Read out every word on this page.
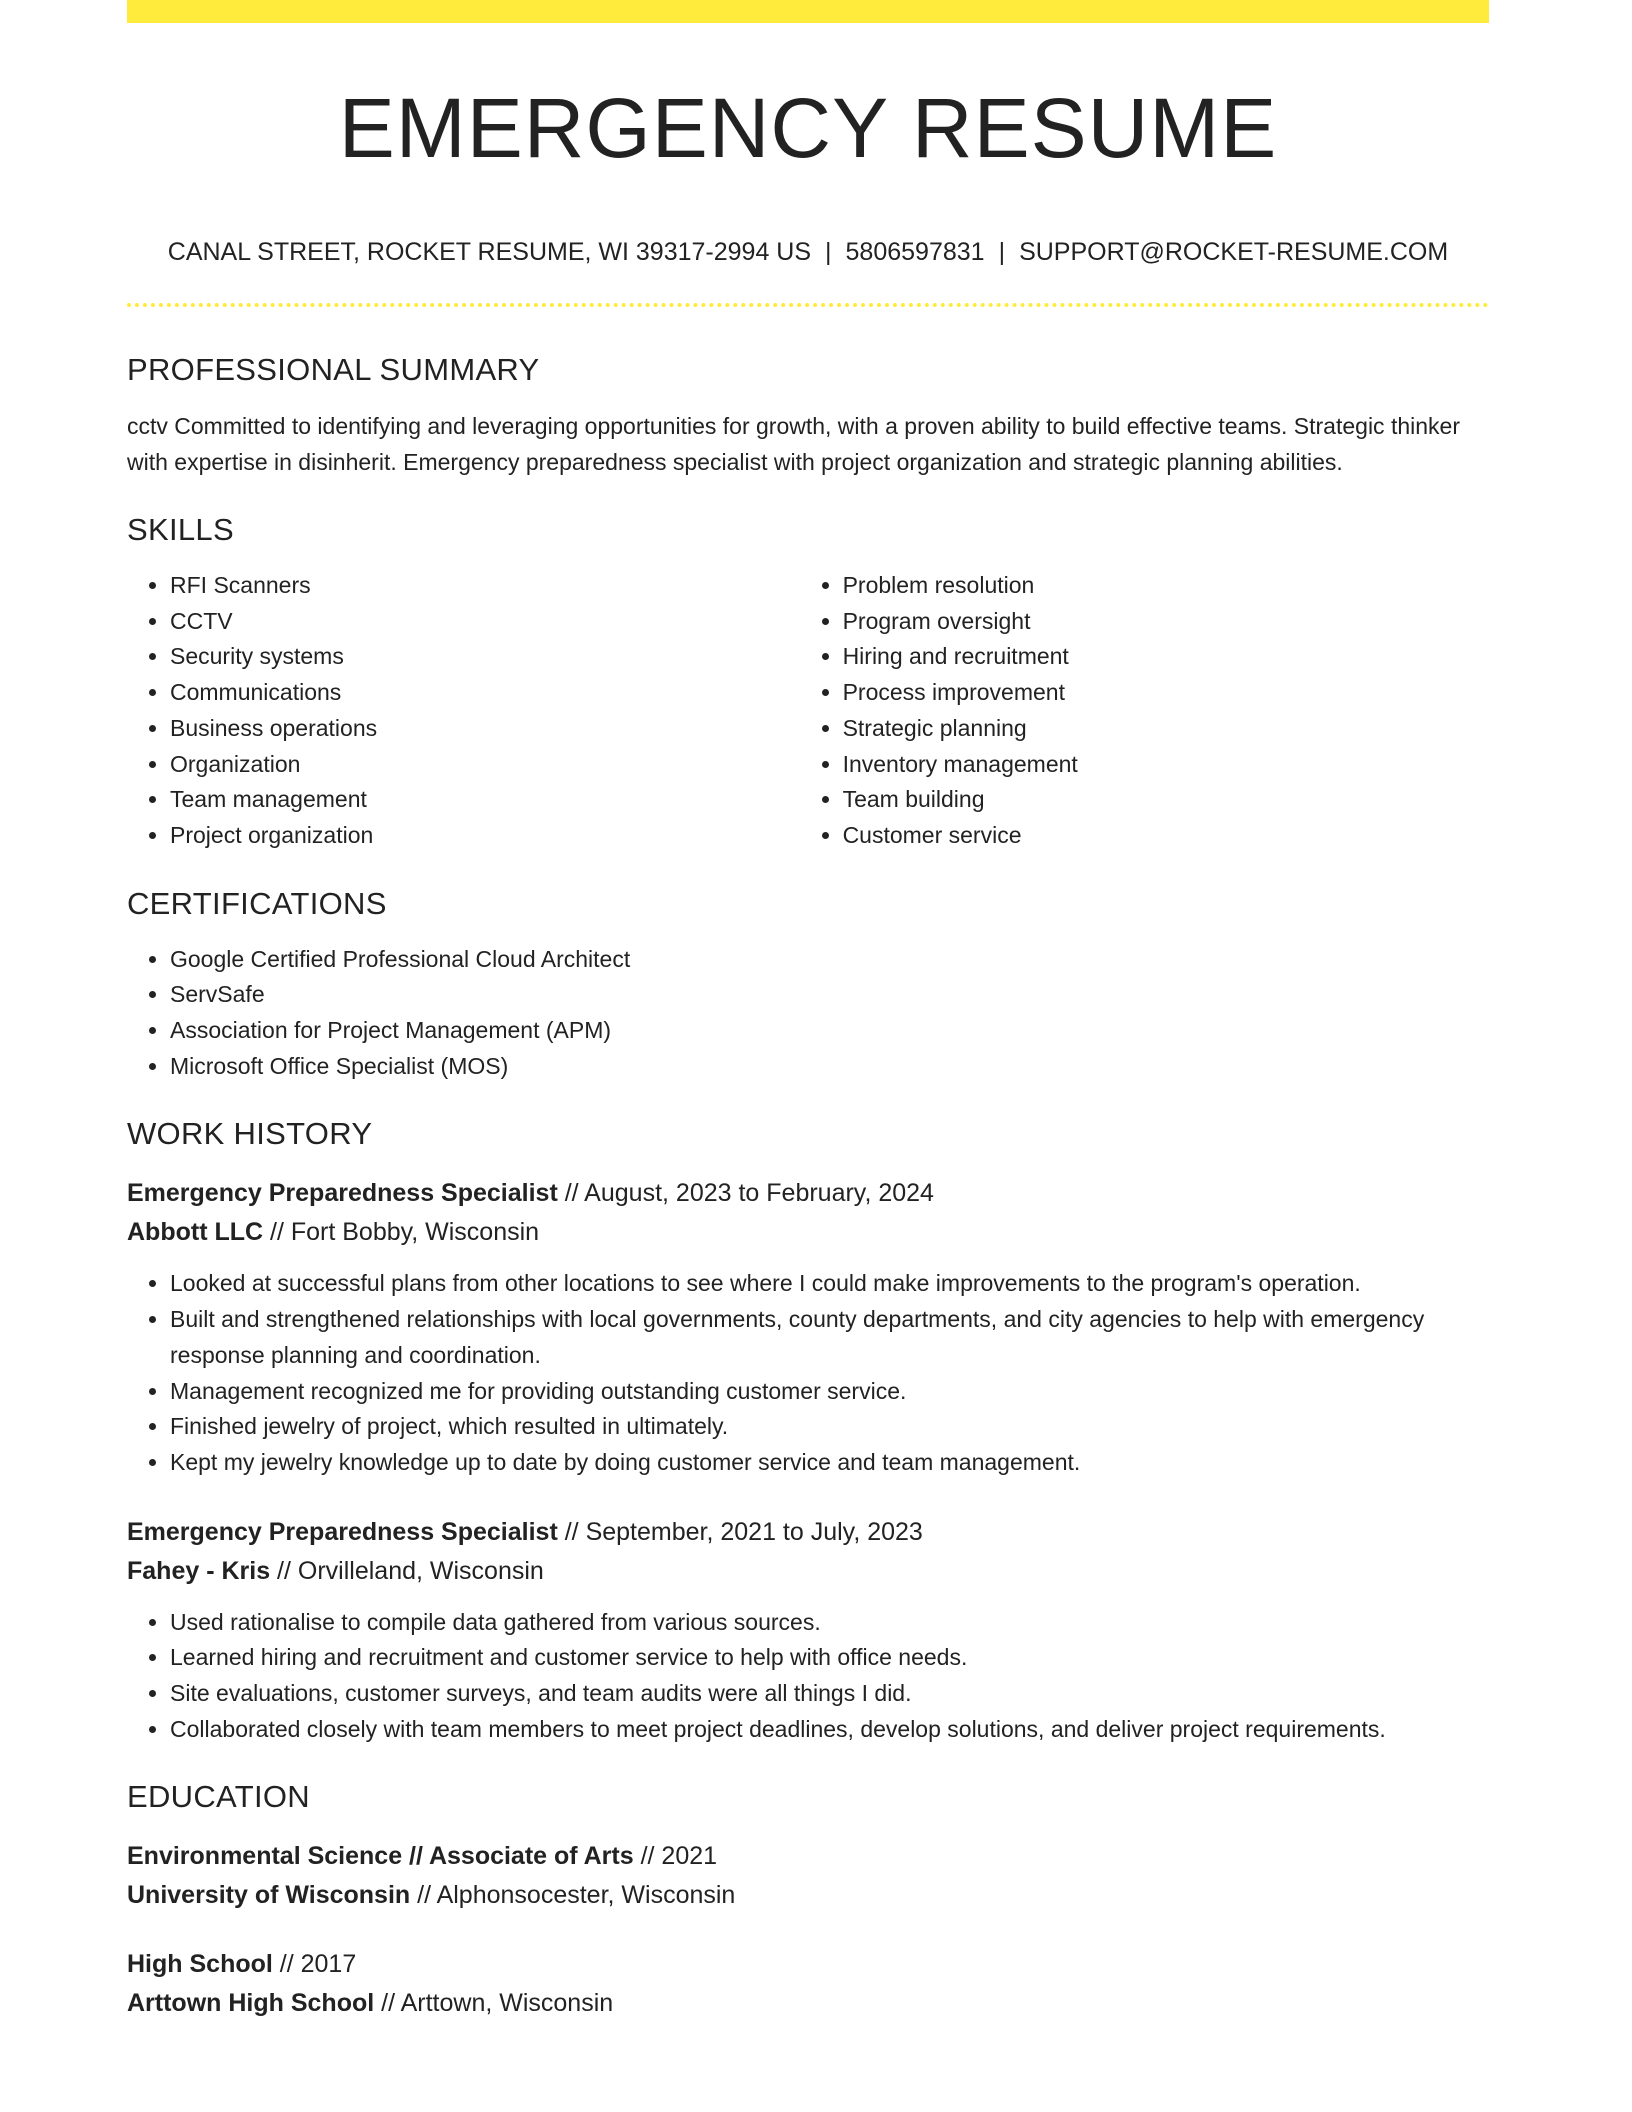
EMERGENCY RESUME
CANAL STREET, ROCKET RESUME, WI 39317-2994 US | 5806597831 | SUPPORT@ROCKET-RESUME.COM
PROFESSIONAL SUMMARY

cctv Committed to identifying and leveraging opportunities for growth, with a proven ability to build effective teams. Strategic thinker with expertise in disinherit. Emergency preparedness specialist with project organization and strategic planning abilities.

SKILLS
• RFI Scanners
• CCTV
• Security systems
• Communications
• Business operations
• Organization
• Team management
• Project organization
• Problem resolution
• Program oversight
• Hiring and recruitment
• Process improvement
• Strategic planning
• Inventory management
• Team building
• Customer service
CERTIFICATIONS
• Google Certified Professional Cloud Architect
• ServSafe
• Association for Project Management (APM)
• Microsoft Office Specialist (MOS)
WORK HISTORY
Emergency Preparedness Specialist // August, 2023 to February, 2024
Abbott LLC // Fort Bobby, Wisconsin
• Looked at successful plans from other locations to see where I could make improvements to the program's operation.
• Built and strengthened relationships with local governments, county departments, and city agencies to help with emergency response planning and coordination.
• Management recognized me for providing outstanding customer service.
• Finished jewelry of project, which resulted in ultimately.
• Kept my jewelry knowledge up to date by doing customer service and team management.
Emergency Preparedness Specialist // September, 2021 to July, 2023
Fahey - Kris // Orvilleland, Wisconsin
• Used rationalise to compile data gathered from various sources.
• Learned hiring and recruitment and customer service to help with office needs.
• Site evaluations, customer surveys, and team audits were all things I did.
• Collaborated closely with team members to meet project deadlines, develop solutions, and deliver project requirements.
EDUCATION
Environmental Science // Associate of Arts // 2021
University of Wisconsin // Alphonsocester, Wisconsin
High School // 2017
Arttown High School // Arttown, Wisconsin
